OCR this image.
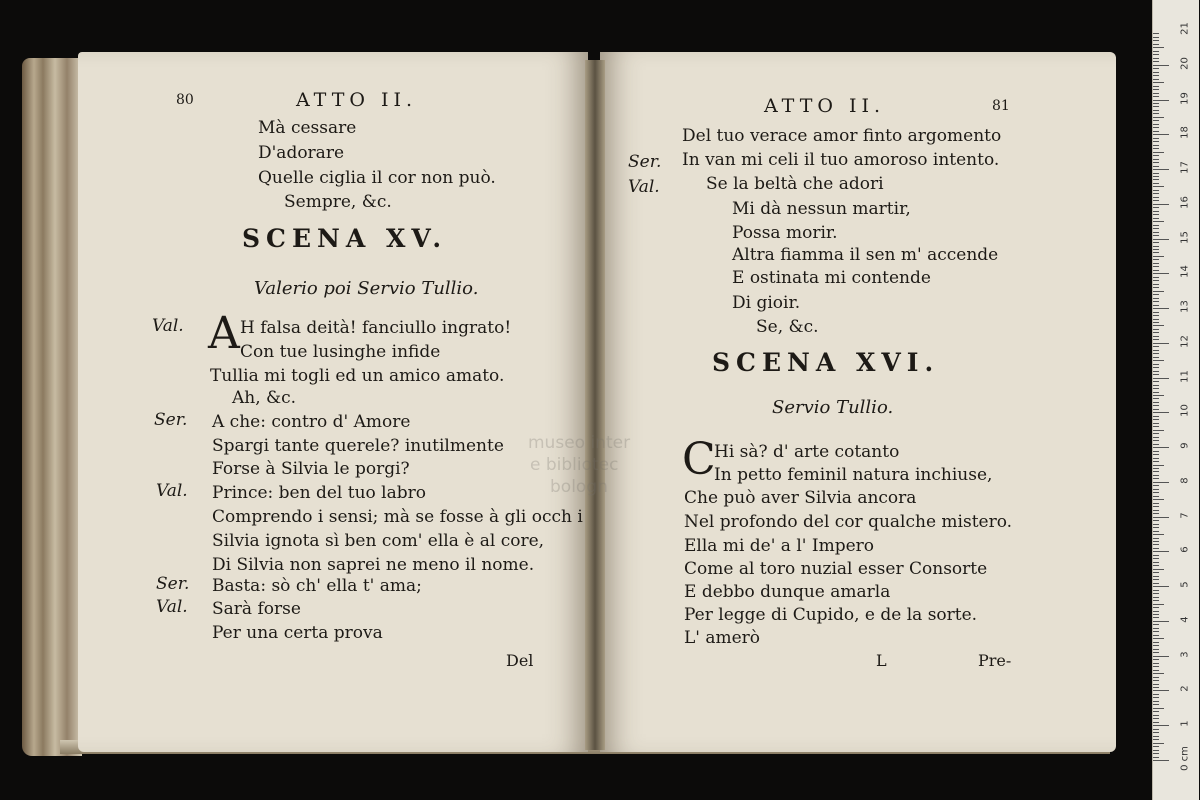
80	ATTO II.
Mà cessare
D'adorare
Quelle ciglia il cor non può.
Sempre, &c.
SCENA XV.
Valerio poi Servio Tullio.
Val. A H falsa deità! fanciullo ingrato!
Con tue lusinghe infide
Tullia mi togli ed un amico amato.
Ah, &c.
Ser. A che: contro d' Amore
Spargi tante querele? inutilmente
Forse à Silvia le porgi?
Val. Prince: ben del tuo labro
Comprendo i sensi; mà se fosse à gli occh i
Silvia ignota sì ben com' ella è al core,
Di Silvia non saprei ne meno il nome.
Ser. Basta: sò ch' ella t' ama;
Val. Sarà forse
Per una certa prova
Del
ATTO II.	81
Del tuo verace amor finto argomento
Ser. In van mi celi il tuo amoroso intento.
Val.	Se la beltà che adori
Mi dà nessun martir,
Possa morir.
Altra fiamma il sen m' accende
E ostinata mi contende
Di gioir.
Se, &c.
SCENA XVI.
Servio Tullio.
C
Hi sà? d' arte cotanto
In petto feminil natura inchiuse,
Che può aver Silvia ancora
Nel profondo del cor qualche mistero.
Ella mi de' a l' Impero
Come al toro nuzial esser Consorte
E debbo dunque amarla
Per legge di Cupido, e de la sorte.
L' amerò
L	Pre-
museo inter
e bibliotec
bologn
0 cm
1
2
3
4
5
6
7
8
9
10
11
12
13
14
15
16
17
18
19
20
21
